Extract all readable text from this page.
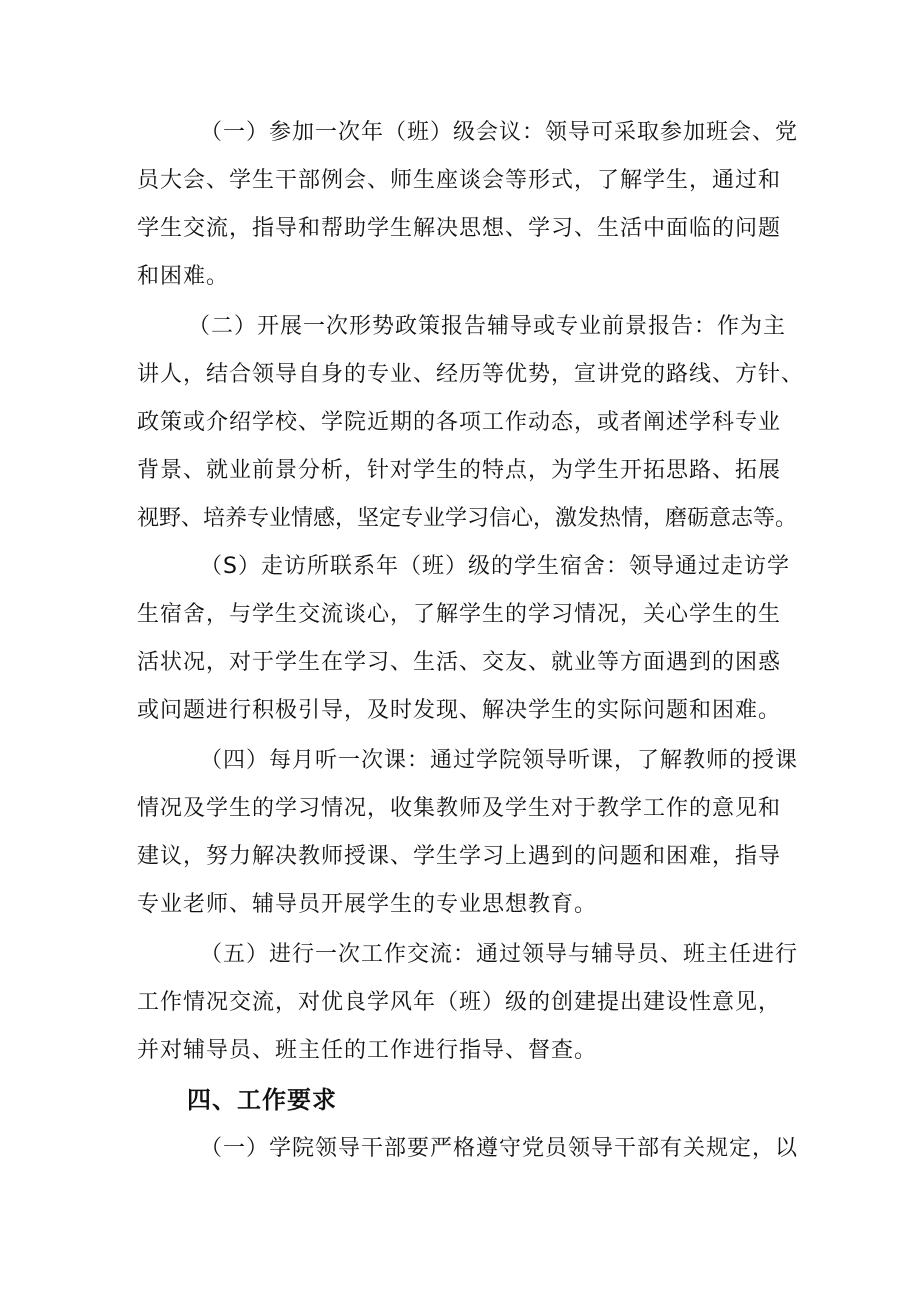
（一）参加一次年（班）级会议：领导可采取参加班会、党
员大会、学生干部例会、师生座谈会等形式，了解学生，通过和
学生交流，指导和帮助学生解决思想、学习、生活中面临的问题
和困难。
（二）开展一次形势政策报告辅导或专业前景报告：作为主
讲人，结合领导自身的专业、经历等优势，宣讲党的路线、方针、
政策或介绍学校、学院近期的各项工作动态，或者阐述学科专业
背景、就业前景分析，针对学生的特点，为学生开拓思路、拓展
视野、培养专业情感，坚定专业学习信心，激发热情，磨砺意志等。
（S）走访所联系年（班）级的学生宿舍：领导通过走访学
生宿舍，与学生交流谈心，了解学生的学习情况，关心学生的生
活状况，对于学生在学习、生活、交友、就业等方面遇到的困惑
或问题进行积极引导，及时发现、解决学生的实际问题和困难。
（四）每月听一次课：通过学院领导听课，了解教师的授课
情况及学生的学习情况，收集教师及学生对于教学工作的意见和
建议，努力解决教师授课、学生学习上遇到的问题和困难，指导
专业老师、辅导员开展学生的专业思想教育。
（五）进行一次工作交流：通过领导与辅导员、班主任进行
工作情况交流，对优良学风年（班）级的创建提出建设性意见，
并对辅导员、班主任的工作进行指导、督查。
四、工作要求
（一）学院领导干部要严格遵守党员领导干部有关规定，以
